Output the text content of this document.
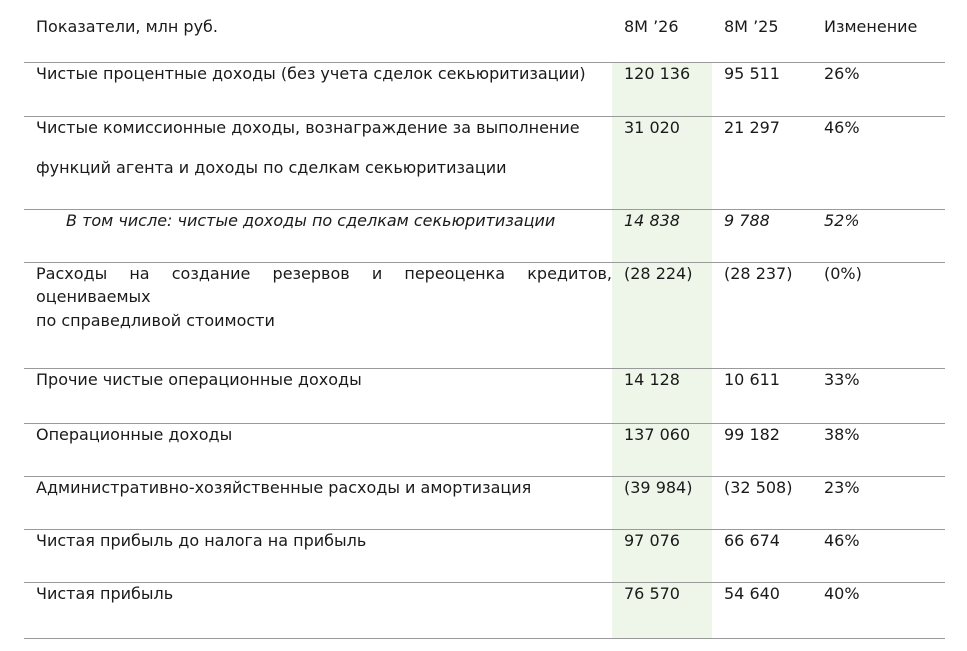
Показатели, млн руб.	8M ’26	8M ’25	Изменение
Чистые процентные доходы (без учета сделок секьюритизации)	120 136	95 511	26%
Чистые комиссионные доходы, вознаграждение за выполнение
функций агента и доходы по сделкам секьюритизации	31 020	21 297	46%
В том числе: чистые доходы по сделкам секьюритизации	14 838	9 788	52%

Расходы на создание резервов и переоценка кредитов,
оцениваемых
по справедливой стоимости	(28 224)	(28 237)	(0%)
Прочие чистые операционные доходы	14 128	10 611	33%
Операционные доходы	137 060	99 182	38%
Административно-хозяйственные расходы и амортизация	(39 984)	(32 508)	23%
Чистая прибыль до налога на прибыль	97 076	66 674	46%
Чистая прибыль	76 570	54 640	40%
